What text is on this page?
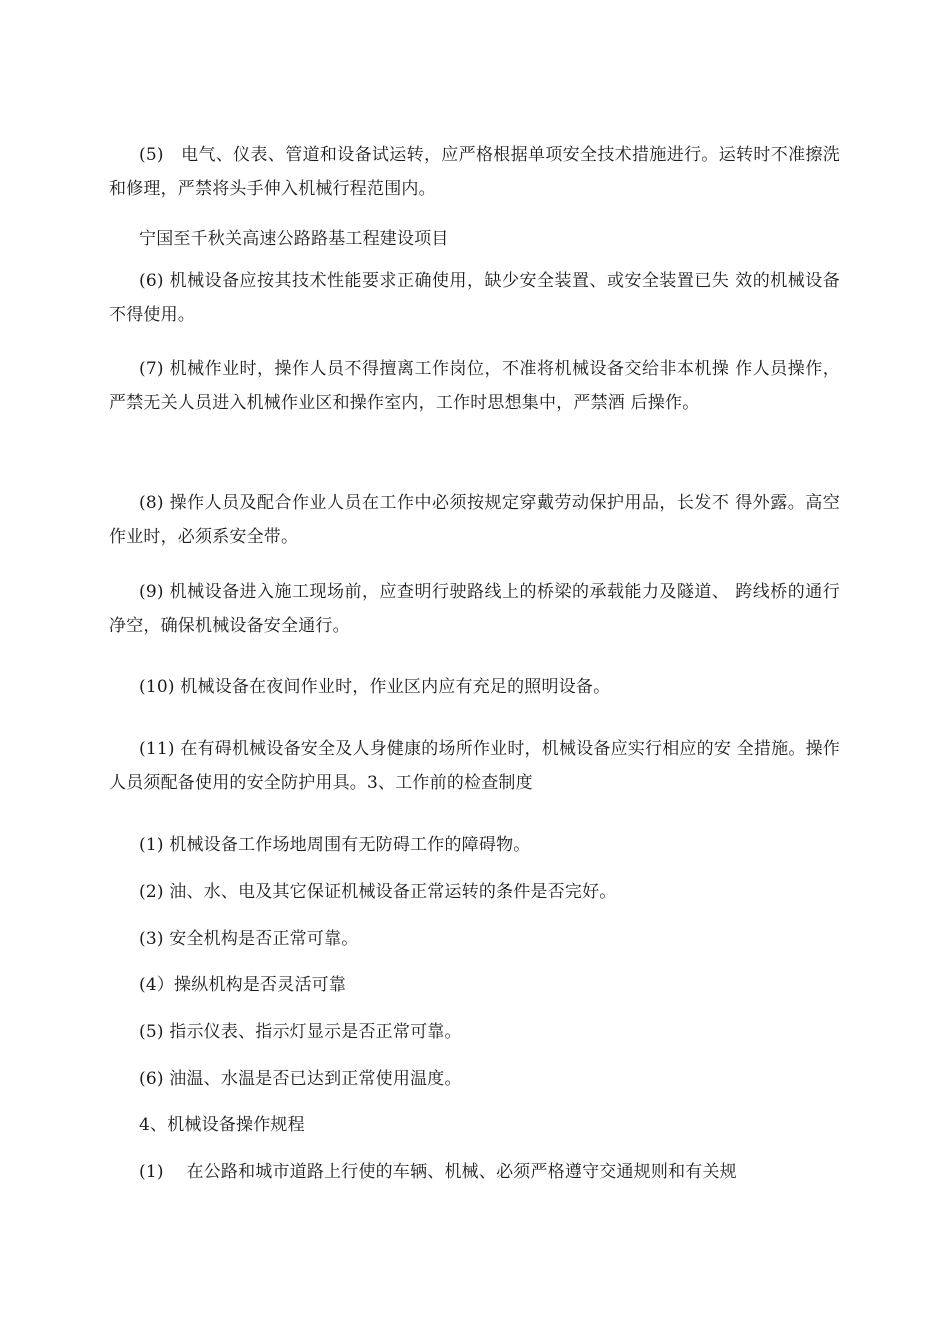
(5)　电气、仪表、管道和设备试运转，应严格根据单项安全技术措施进行。运转时不准擦洗和修理，严禁将头手伸入机械行程范围内。

宁国至千秋关高速公路路基工程建设项目

(6) 机械设备应按其技术性能要求正确使用，缺少安全装置、或安全装置已失 效的机械设备不得使用。

(7) 机械作业时，操作人员不得擅离工作岗位，不准将机械设备交给非本机操 作人员操作，严禁无关人员进入机械作业区和操作室内，工作时思想集中，严禁酒 后操作。

(8) 操作人员及配合作业人员在工作中必须按规定穿戴劳动保护用品，长发不 得外露。高空作业时，必须系安全带。

(9) 机械设备进入施工现场前，应查明行驶路线上的桥梁的承载能力及隧道、 跨线桥的通行净空，确保机械设备安全通行。

(10) 机械设备在夜间作业时，作业区内应有充足的照明设备。

(11) 在有碍机械设备安全及人身健康的场所作业时，机械设备应实行相应的安 全措施。操作人员须配备使用的安全防护用具。3、工作前的检查制度

(1) 机械设备工作场地周围有无防碍工作的障碍物。

(2) 油、水、电及其它保证机械设备正常运转的条件是否完好。

(3) 安全机构是否正常可靠。

(4）操纵机构是否灵活可靠

(5) 指示仪表、指示灯显示是否正常可靠。

(6) 油温、水温是否已达到正常使用温度。

4、机械设备操作规程

(1)　 在公路和城市道路上行使的车辆、机械、必须严格遵守交通规则和有关规
